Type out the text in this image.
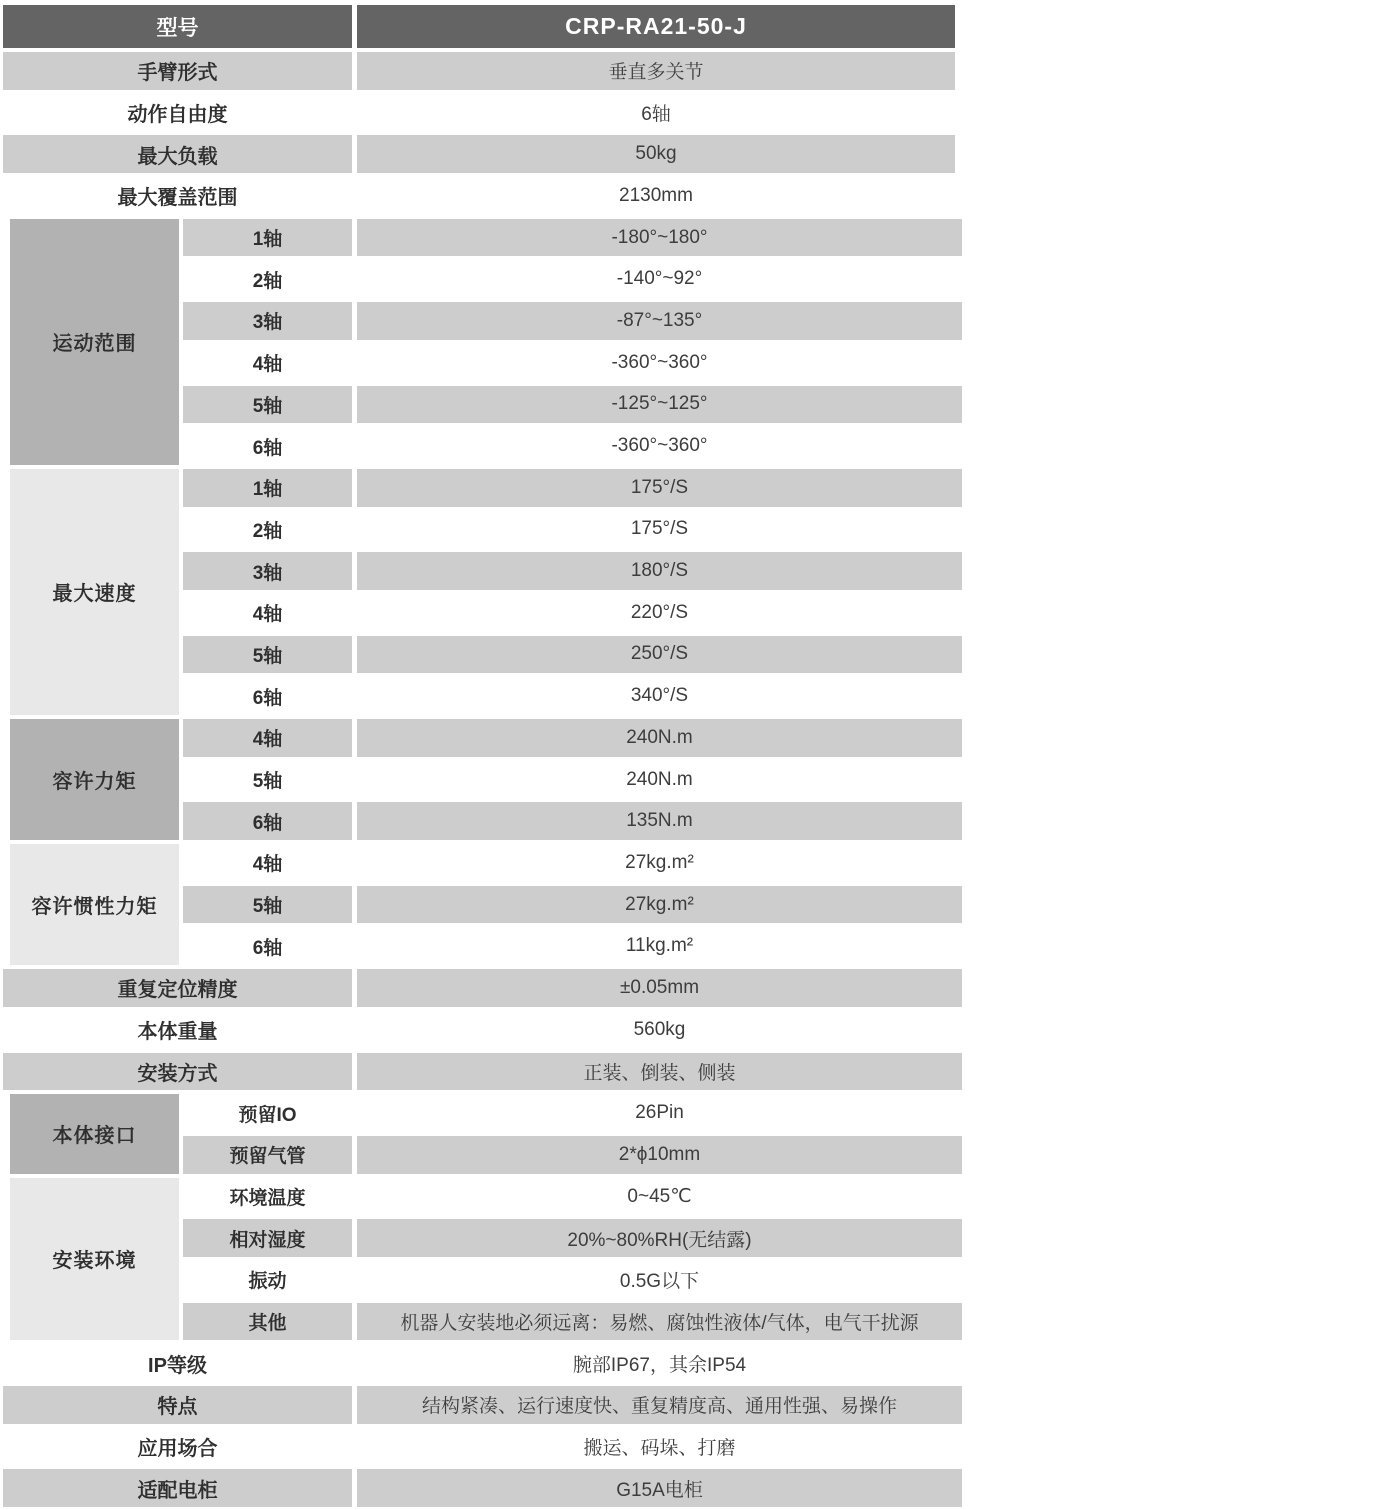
型号	CRP-RA21-50-J
手臂形式	垂直多关节
动作自由度	6轴
最大负载	50kg
最大覆盖范围	2130mm
运动范围
1轴	-180°~180°
2轴	-140°~92°
3轴	-87°~135°
4轴	-360°~360°
5轴	-125°~125°
6轴	-360°~360°
最大速度
1轴	175°/S
2轴	175°/S
3轴	180°/S
4轴	220°/S
5轴	250°/S
6轴	340°/S
容许力矩
4轴	240N.m
5轴	240N.m
6轴	135N.m
容许惯性力矩
4轴	27kg.m²
5轴	27kg.m²
6轴	11kg.m²
重复定位精度	±0.05mm
本体重量	560kg
安装方式	正装、倒装、侧装
本体接口
预留IO	26Pin
预留气管	2*ϕ10mm
安装环境
环境温度	0~45℃
相对湿度	20%~80%RH(无结露)
振动	0.5G以下
其他	机器人安装地必须远离：易燃、腐蚀性液体/气体，电气干扰源
IP等级	腕部IP67，其余IP54
特点	结构紧凑、运行速度快、重复精度高、通用性强、易操作
应用场合	搬运、码垛、打磨
适配电柜	G15A电柜
